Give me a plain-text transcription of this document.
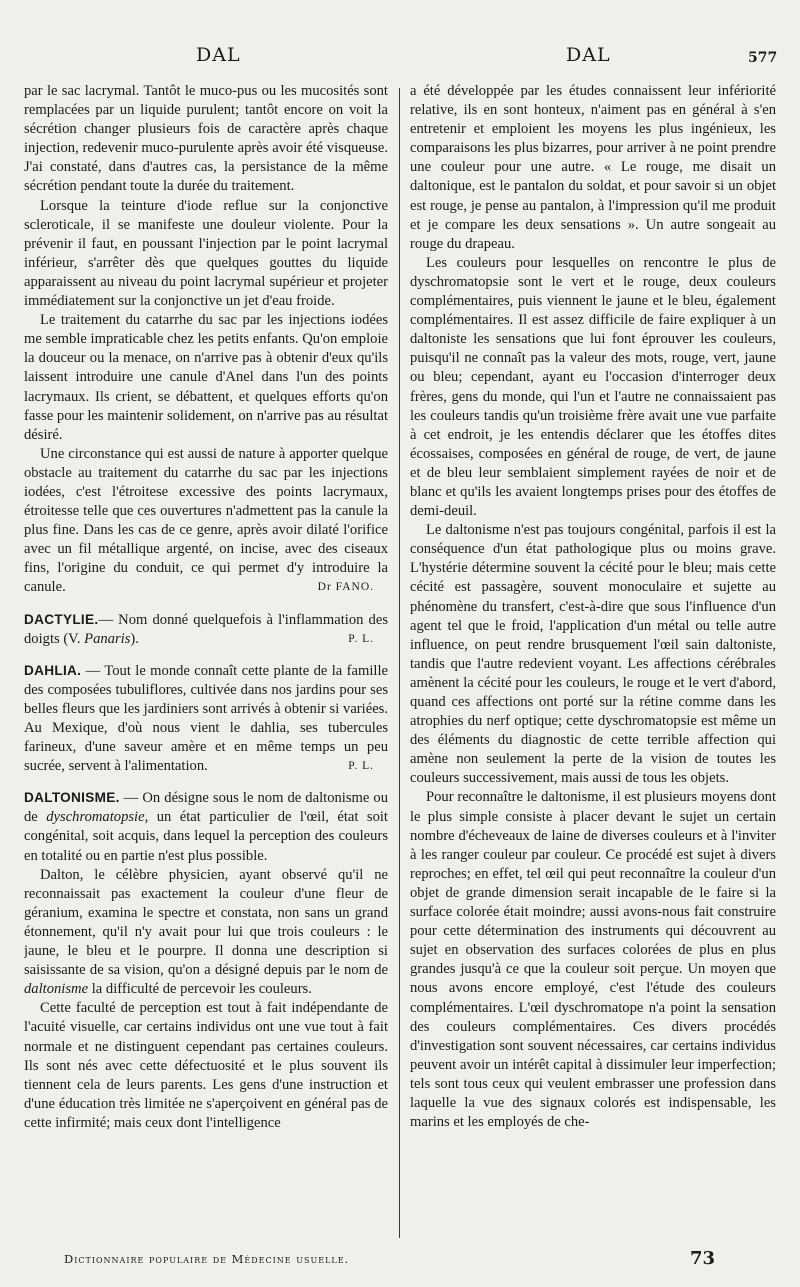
DAL	DAL	577

par le sac lacrymal. Tantôt le muco-pus ou les mucosités sont remplacées par un liquide purulent; tantôt encore on voit la sécrétion changer plusieurs fois de caractère après chaque injection, redevenir muco-purulente après avoir été visqueuse. J'ai constaté, dans d'autres cas, la persistance de la même sécrétion pendant toute la durée du traitement.

Lorsque la teinture d'iode reflue sur la conjonctive scleroticale, il se manifeste une douleur violente. Pour la prévenir il faut, en poussant l'injection par le point lacrymal inférieur, s'arrêter dès que quelques gouttes du liquide apparaissent au niveau du point lacrymal supérieur et projeter immédiatement sur la conjonctive un jet d'eau froide.

Le traitement du catarrhe du sac par les injections iodées me semble impraticable chez les petits enfants. Qu'on emploie la douceur ou la menace, on n'arrive pas à obtenir d'eux qu'ils laissent introduire une canule d'Anel dans l'un des points lacrymaux. Ils crient, se débattent, et quelques efforts qu'on fasse pour les maintenir solidement, on n'arrive pas au résultat désiré.

Une circonstance qui est aussi de nature à apporter quelque obstacle au traitement du catarrhe du sac par les injections iodées, c'est l'étroitese excessive des points lacrymaux, étroitesse telle que ces ouvertures n'admettent pas la canule la plus fine. Dans les cas de ce genre, après avoir dilaté l'orifice avec un fil métallique argenté, on incise, avec des ciseaux fins, l'origine du conduit, ce qui permet d'y introduire la canule.	Dr FANO.

DACTYLIE.— Nom donné quelquefois à l'inflammation des doigts (V. Panaris).	P. L.

DAHLIA. — Tout le monde connaît cette plante de la famille des composées tubuliflores, cultivée dans nos jardins pour ses belles fleurs que les jardiniers sont arrivés à obtenir si variées. Au Mexique, d'où nous vient le dahlia, ses tubercules farineux, d'une saveur amère et en même temps un peu sucrée, servent à l'alimentation.	P. L.

DALTONISME. — On désigne sous le nom de daltonisme ou de dyschromatopsie, un état particulier de l'œil, état soit congénital, soit acquis, dans lequel la perception des couleurs en totalité ou en partie n'est plus possible.

Dalton, le célèbre physicien, ayant observé qu'il ne reconnaissait pas exactement la couleur d'une fleur de géranium, examina le spectre et constata, non sans un grand étonnement, qu'il n'y avait pour lui que trois couleurs : le jaune, le bleu et le pourpre. Il donna une description si saisissante de sa vision, qu'on a désigné depuis par le nom de daltonisme la difficulté de percevoir les couleurs.

Cette faculté de perception est tout à fait indépendante de l'acuité visuelle, car certains individus ont une vue tout à fait normale et ne distinguent cependant pas certaines couleurs. Ils sont nés avec cette défectuosité et le plus souvent ils tiennent cela de leurs parents. Les gens d'une instruction et d'une éducation très limitée ne s'aperçoivent en général pas de cette infirmité; mais ceux dont l'intelligence

a été développée par les études connaissent leur infériorité relative, ils en sont honteux, n'aiment pas en général à s'en entretenir et emploient les moyens les plus ingénieux, les comparaisons les plus bizarres, pour arriver à ne point prendre une couleur pour une autre. « Le rouge, me disait un daltonique, est le pantalon du soldat, et pour savoir si un objet est rouge, je pense au pantalon, à l'impression qu'il me produit et je compare les deux sensations ». Un autre songeait au rouge du drapeau.

Les couleurs pour lesquelles on rencontre le plus de dyschromatopsie sont le vert et le rouge, deux couleurs complémentaires, puis viennent le jaune et le bleu, également complémentaires. Il est assez difficile de faire expliquer à un daltoniste les sensations que lui font éprouver les couleurs, puisqu'il ne connaît pas la valeur des mots, rouge, vert, jaune ou bleu; cependant, ayant eu l'occasion d'interroger deux frères, gens du monde, qui l'un et l'autre ne connaissaient pas les couleurs tandis qu'un troisième frère avait une vue parfaite à cet endroit, je les entendis déclarer que les étoffes dites écossaises, composées en général de rouge, de vert, de jaune et de bleu leur semblaient simplement rayées de noir et de blanc et qu'ils les avaient longtemps prises pour des étoffes de demi-deuil.

Le daltonisme n'est pas toujours congénital, parfois il est la conséquence d'un état pathologique plus ou moins grave. L'hystérie détermine souvent la cécité pour le bleu; mais cette cécité est passagère, souvent monoculaire et sujette au phénomène du transfert, c'est-à-dire que sous l'influence d'un agent tel que le froid, l'application d'un métal ou telle autre influence, on peut rendre brusquement l'œil sain daltoniste, tandis que l'autre redevient voyant. Les affections cérébrales amènent la cécité pour les couleurs, le rouge et le vert d'abord, quand ces affections ont porté sur la rétine comme dans les atrophies du nerf optique; cette dyschromatopsie est même un des éléments du diagnostic de cette terrible affection qui amène non seulement la perte de la vision de toutes les couleurs successivement, mais aussi de tous les objets.

Pour reconnaître le daltonisme, il est plusieurs moyens dont le plus simple consiste à placer devant le sujet un certain nombre d'écheveaux de laine de diverses couleurs et à l'inviter à les ranger couleur par couleur. Ce procédé est sujet à divers reproches; en effet, tel œil qui peut reconnaître la couleur d'un objet de grande dimension serait incapable de le faire si la surface colorée était moindre; aussi avons-nous fait construire pour cette détermination des instruments qui découvrent au sujet en observation des surfaces colorées de plus en plus grandes jusqu'à ce que la couleur soit perçue. Un moyen que nous avons encore employé, c'est l'étude des couleurs complémentaires. L'œil dyschromatope n'a point la sensation des couleurs complémentaires. Ces divers procédés d'investigation sont souvent nécessaires, car certains individus peuvent avoir un intérêt capital à dissimuler leur imperfection; tels sont tous ceux qui veulent embrasser une profession dans laquelle la vue des signaux colorés est indispensable, les marins et les employés de che-

Dictionnaire populaire de Médecine usuelle.	73
